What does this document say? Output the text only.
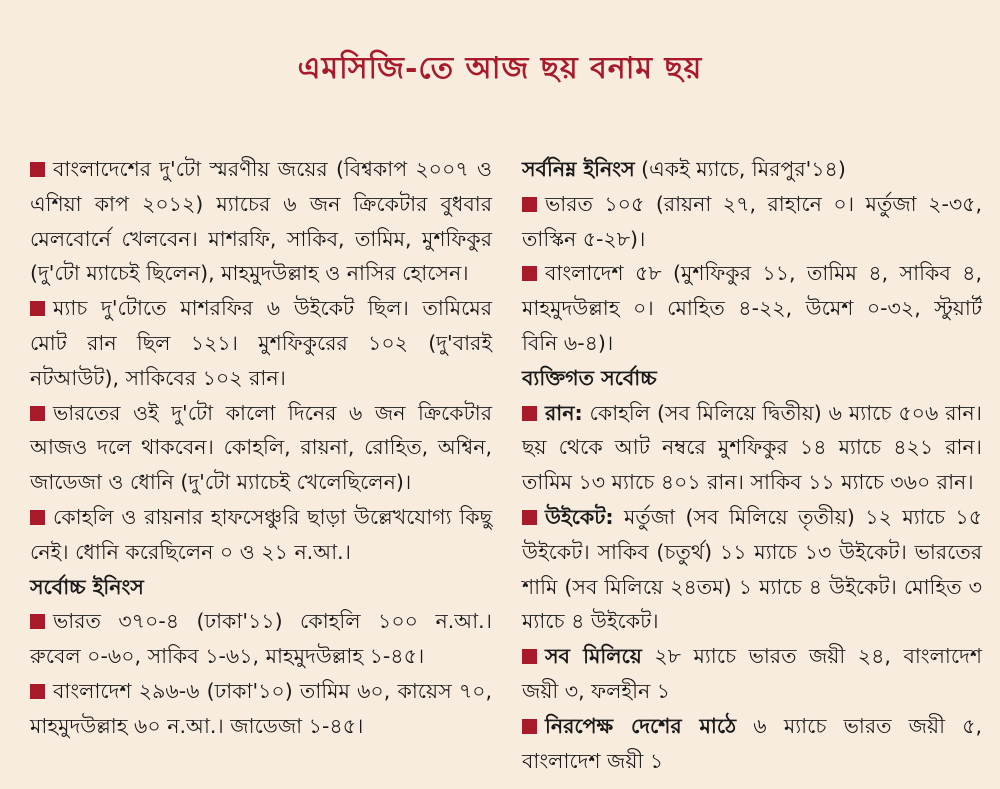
এমসিজি-তে আজ ছয় বনাম ছয়

বাংলাদেশের দু'টো স্মরণীয় জয়ের (বিশ্বকাপ ২০০৭ ও এশিয়া কাপ ২০১২) ম্যাচের ৬ জন ক্রিকেটার বুধবার মেলবোর্নে খেলবেন। মাশরফি, সাকিব, তামিম, মুশফিকুর (দু'টো ম্যাচেই ছিলেন), মাহমুদউল্লাহ ও নাসির হোসেন।

ম্যাচ দু'টোতে মাশরফির ৬ উইকেট ছিল। তামিমের মোট রান ছিল ১২১। মুশফিকুরের ১০২ (দু'বারই নটআউট), সাকিবের ১০২ রান।

ভারতের ওই দু'টো কালো দিনের ৬ জন ক্রিকেটার আজও দলে থাকবেন। কোহলি, রায়না, রোহিত, অশ্বিন, জাডেজা ও ধোনি (দু'টো ম্যাচেই খেলেছিলেন)।

কোহলি ও রায়নার হাফসেঞ্চুরি ছাড়া উল্লেখযোগ্য কিছু নেই। ধোনি করেছিলেন ০ ও ২১ ন.আ.।

সর্বোচ্চ ইনিংস

ভারত ৩৭০-৪ (ঢাকা'১১) কোহলি ১০০ ন.আ.। রুবেল ০-৬০, সাকিব ১-৬১, মাহমুদউল্লাহ ১-৪৫।

বাংলাদেশ ২৯৬-৬ (ঢাকা'১০) তামিম ৬০, কায়েস ৭০, মাহমুদউল্লাহ ৬০ ন.আ.। জাডেজা ১-৪৫।

সর্বনিম্ন ইনিংস (একই ম্যাচে, মিরপুর'১৪)

ভারত ১০৫ (রায়না ২৭, রাহানে ০। মর্তুজা ২-৩৫, তাস্কিন ৫-২৮)।

বাংলাদেশ ৫৮ (মুশফিকুর ১১, তামিম ৪, সাকিব ৪, মাহমুদউল্লাহ ০। মোহিত ৪-২২, উমেশ ০-৩২, স্টুয়ার্ট বিনি ৬-৪)।

ব্যক্তিগত সর্বোচ্চ

রান: কোহলি (সব মিলিয়ে দ্বিতীয়) ৬ ম্যাচে ৫০৬ রান। ছয় থেকে আট নম্বরে মুশফিকুর ১৪ ম্যাচে ৪২১ রান। তামিম ১৩ ম্যাচে ৪০১ রান। সাকিব ১১ ম্যাচে ৩৬০ রান।

উইকেট: মর্তুজা (সব মিলিয়ে তৃতীয়) ১২ ম্যাচে ১৫ উইকেট। সাকিব (চতুর্থ) ১১ ম্যাচে ১৩ উইকেট। ভারতের শামি (সব মিলিয়ে ২৪তম) ১ ম্যাচে ৪ উইকেট। মোহিত ৩ ম্যাচে ৪ উইকেট।

সব মিলিয়ে ২৮ ম্যাচে ভারত জয়ী ২৪, বাংলাদেশ জয়ী ৩, ফলহীন ১

নিরপেক্ষ দেশের মাঠে ৬ ম্যাচে ভারত জয়ী ৫, বাংলাদেশ জয়ী ১
